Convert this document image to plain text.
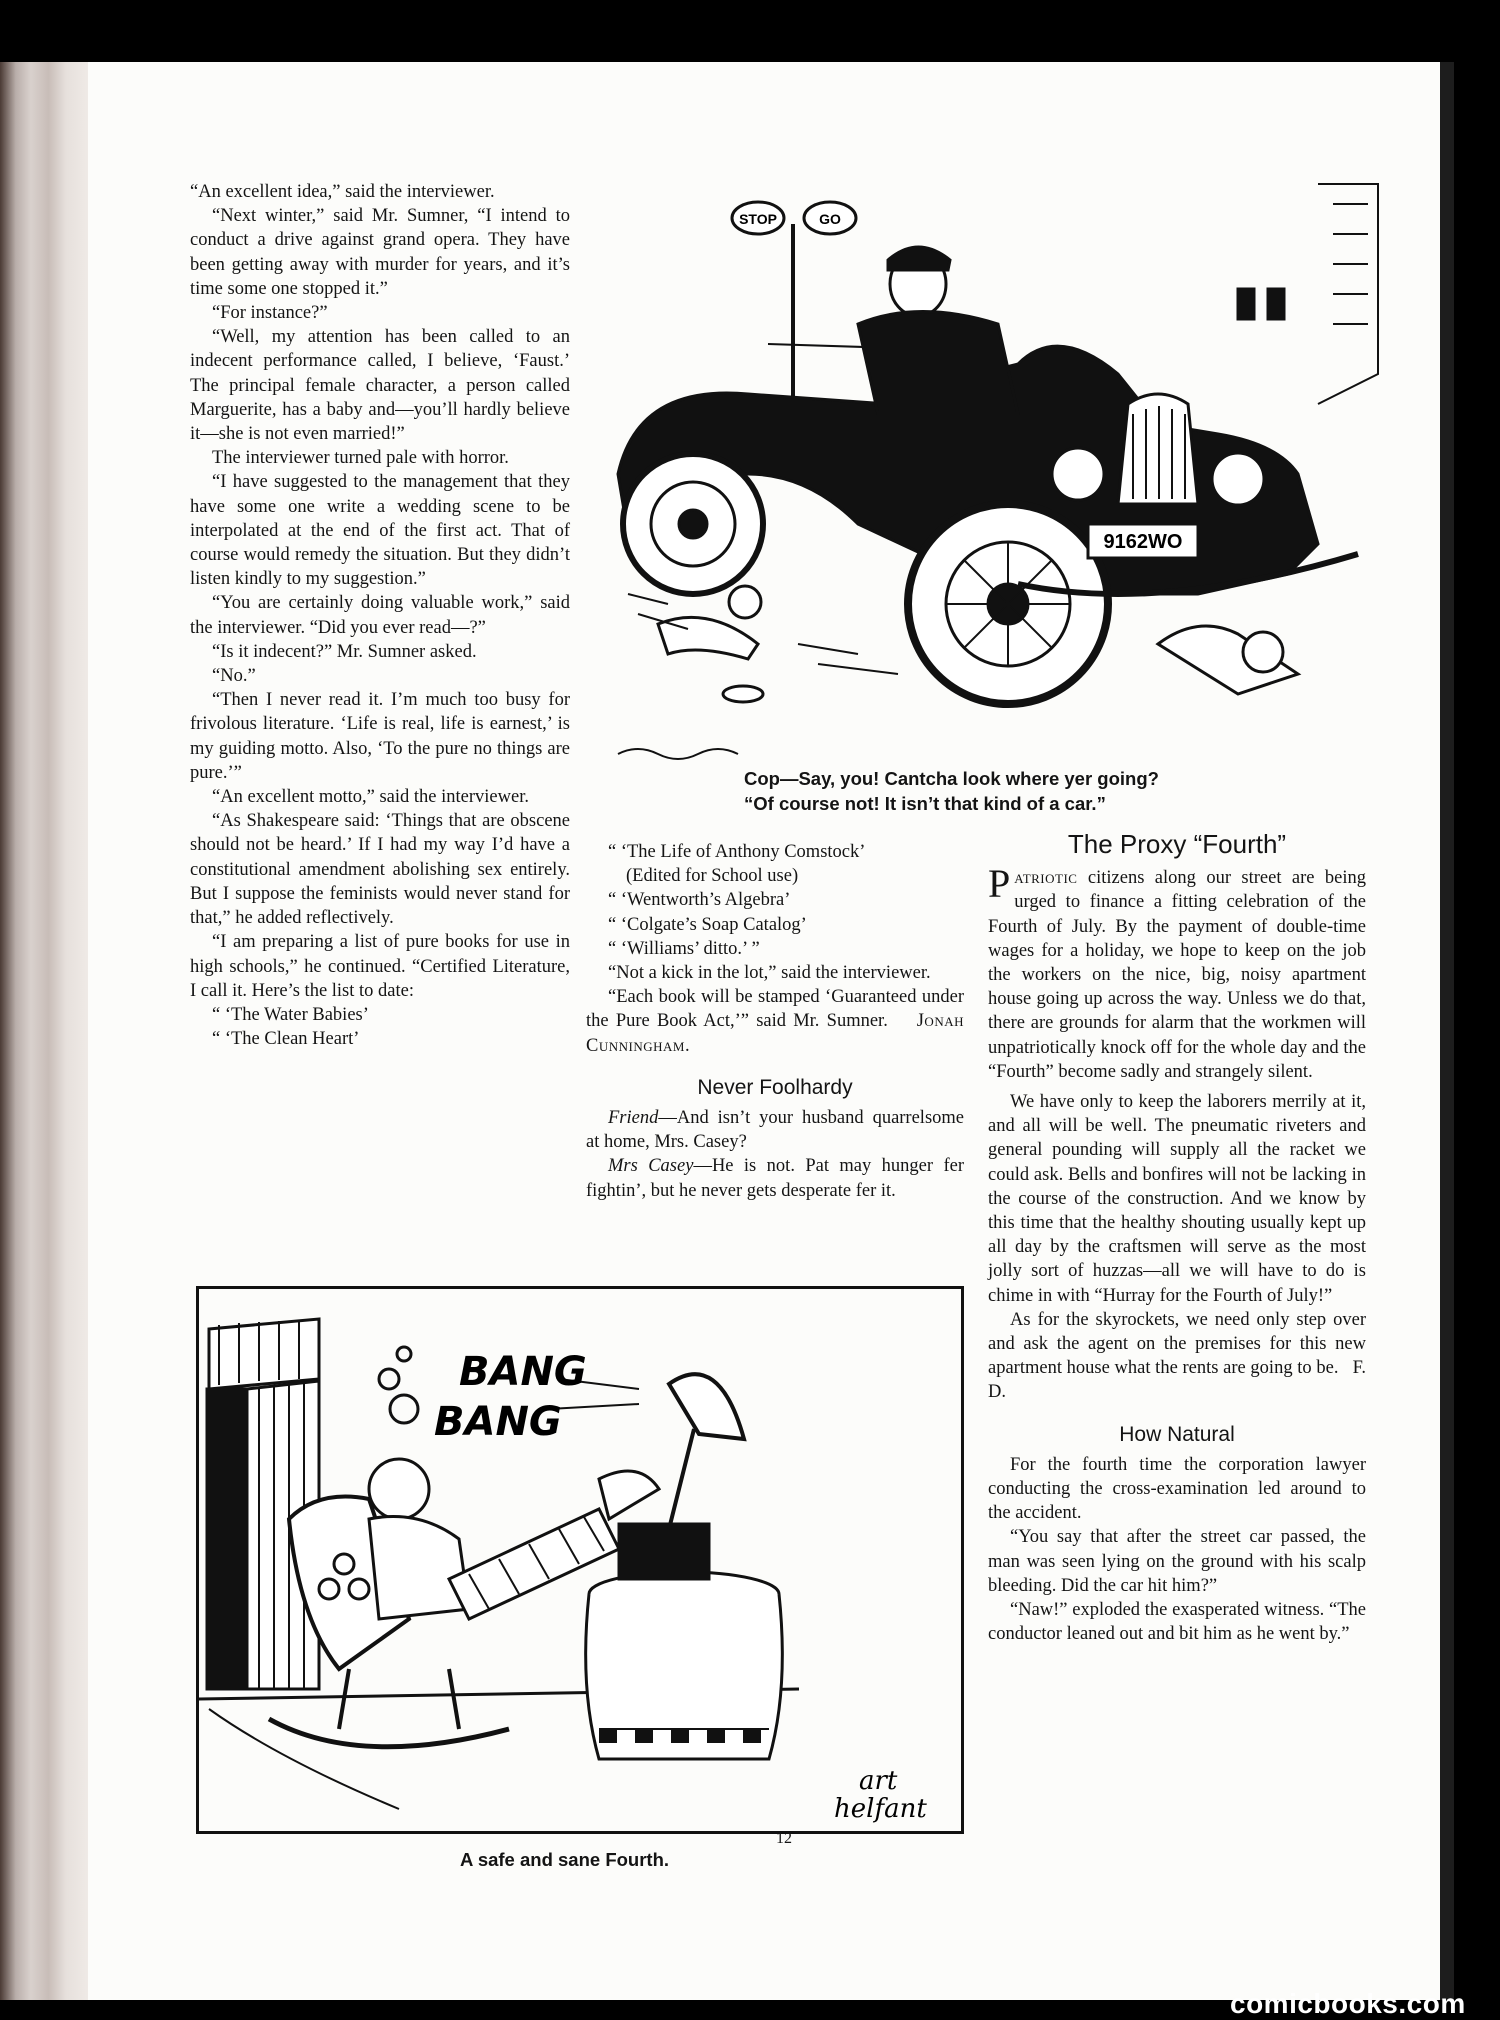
“An excellent idea,” said the interviewer.

“Next winter,” said Mr. Sumner, “I intend to conduct a drive against grand opera. They have been getting away with murder for years, and it’s time some one stopped it.”

“For instance?”

“Well, my attention has been called to an indecent performance called, I believe, ‘Faust.’ The principal female character, a person called Marguerite, has a baby and—you’ll hardly believe it—she is not even married!”

The interviewer turned pale with horror.

“I have suggested to the management that they have some one write a wedding scene to be interpolated at the end of the first act. That of course would remedy the situation. But they didn’t listen kindly to my suggestion.”

“You are certainly doing valuable work,” said the interviewer. “Did you ever read—?”

“Is it indecent?” Mr. Sumner asked.

“No.”

“Then I never read it. I’m much too busy for frivolous literature. ‘Life is real, life is earnest,’ is my guiding motto. Also, ‘To the pure no things are pure.’”

“An excellent motto,” said the interviewer.

“As Shakespeare said: ‘Things that are obscene should not be heard.’ If I had my way I’d have a constitutional amendment abolishing sex entirely. But I suppose the feminists would never stand for that,” he added reflectively.

“I am preparing a list of pure books for use in high schools,” he continued. “Certified Literature, I call it. Here’s the list to date:

“ ‘The Water Babies’

“ ‘The Clean Heart’

STOP	GO
9162WO
Cop—Say, you! Cantcha look where yer going?
“Of course not! It isn’t that kind of a car.”

“ ‘The Life of Anthony Comstock’

(Edited for School use)

“ ‘Wentworth’s Algebra’

“ ‘Colgate’s Soap Catalog’

“ ‘Williams’ ditto.’ ”

“Not a kick in the lot,” said the interviewer.

“Each book will be stamped ‘Guaranteed under the Pure Book Act,’” said Mr. Sumner. Jonah Cunningham.

Never Foolhardy

Friend—And isn’t your husband quarrelsome at home, Mrs. Casey?

Mrs Casey—He is not. Pat may hunger fer fightin’, but he never gets desperate fer it.

The Proxy “Fourth”

Patriotic citizens along our street are being urged to finance a fitting celebration of the Fourth of July. By the payment of double-time wages for a holiday, we hope to keep on the job the workers on the nice, big, noisy apartment house going up across the way. Unless we do that, there are grounds for alarm that the workmen will unpatriotically knock off for the whole day and the “Fourth” become sadly and strangely silent.

We have only to keep the laborers merrily at it, and all will be well. The pneumatic riveters and general pounding will supply all the racket we could ask. Bells and bonfires will not be lacking in the course of the construction. And we know by this time that the healthy shouting usually kept up all day by the craftsmen will serve as the most jolly sort of huzzas—all we will have to do is chime in with “Hurray for the Fourth of July!”

As for the skyrockets, we need only step over and ask the agent on the premises for this new apartment house what the rents are going to be. F. D.

How Natural

For the fourth time the corporation lawyer conducting the cross-examination led around to the accident.

“You say that after the street car passed, the man was seen lying on the ground with his scalp bleeding. Did the car hit him?”

“Naw!” exploded the exasperated witness. “The conductor leaned out and bit him as he went by.”

BANG
BANG
art
helfant
A safe and sane Fourth.
12
comicbooks.com
